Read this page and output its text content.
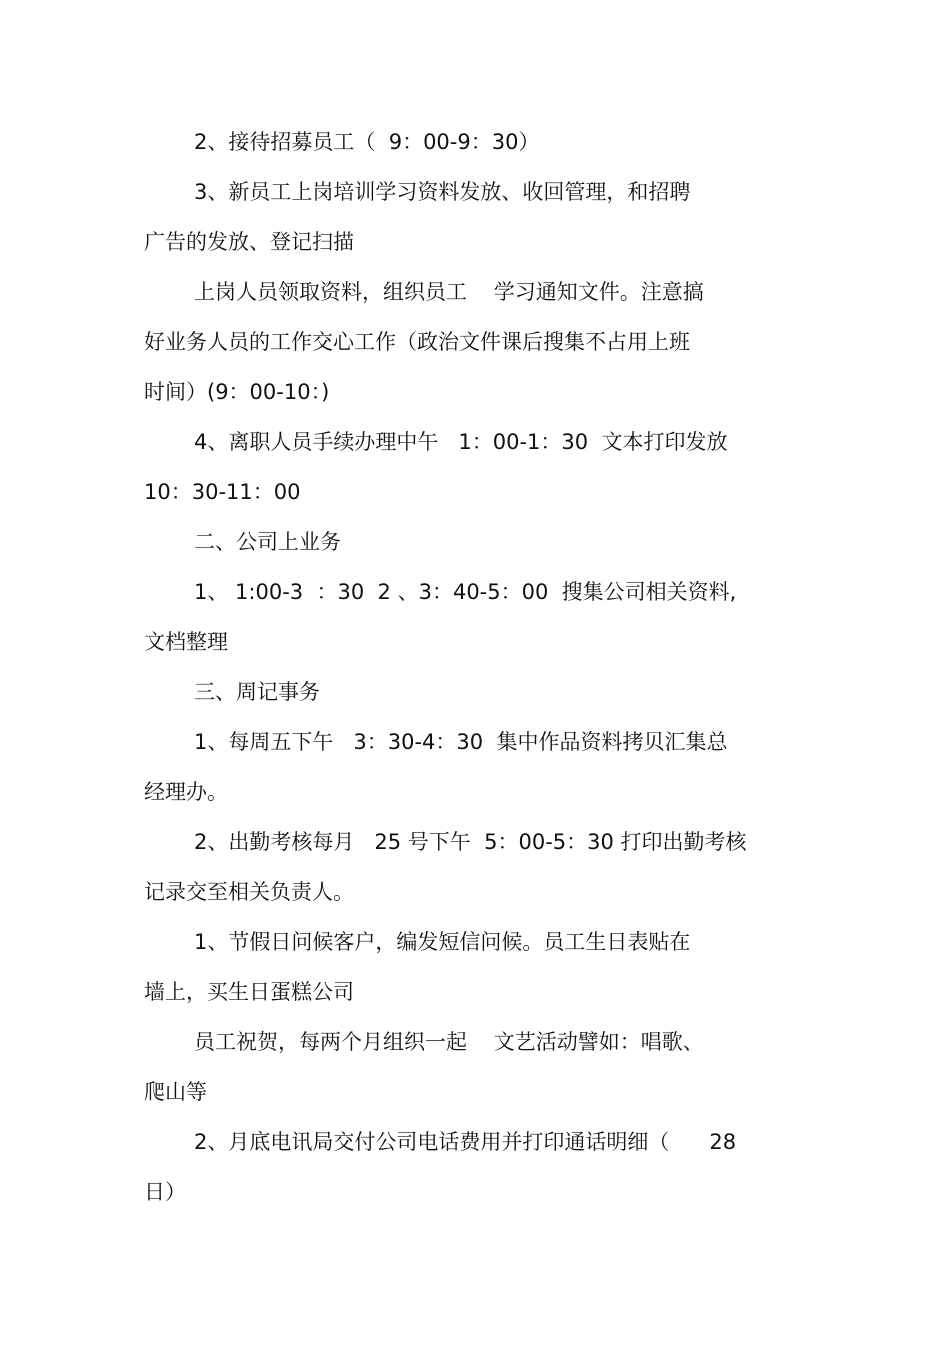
2、接待招募员工（  9：00-9：30）
3、新员工上岗培训学习资料发放、收回管理，和招聘
广告的发放、登记扫描
上岗人员领取资料，组织员工    学习通知文件。注意搞
好业务人员的工作交心工作（政治文件课后搜集不占用上班
时间）(9：00-10：)
4、离职人员手续办理中午   1：00-1：30  文本打印发放
10：30-11：00
二、公司上业务
1、 1:00-3  ：30  2 、3：40-5：00  搜集公司相关资料,
文档整理
三、周记事务
1、每周五下午   3：30-4：30  集中作品资料拷贝汇集总
经理办。
2、出勤考核每月   25 号下午  5：00-5：30 打印出勤考核
记录交至相关负责人。
1、节假日问候客户，编发短信问候。员工生日表贴在
墙上，买生日蛋糕公司
员工祝贺，每两个月组织一起    文艺活动譬如：唱歌、
爬山等
2、月底电讯局交付公司电话费用并打印通话明细（      28
日）
